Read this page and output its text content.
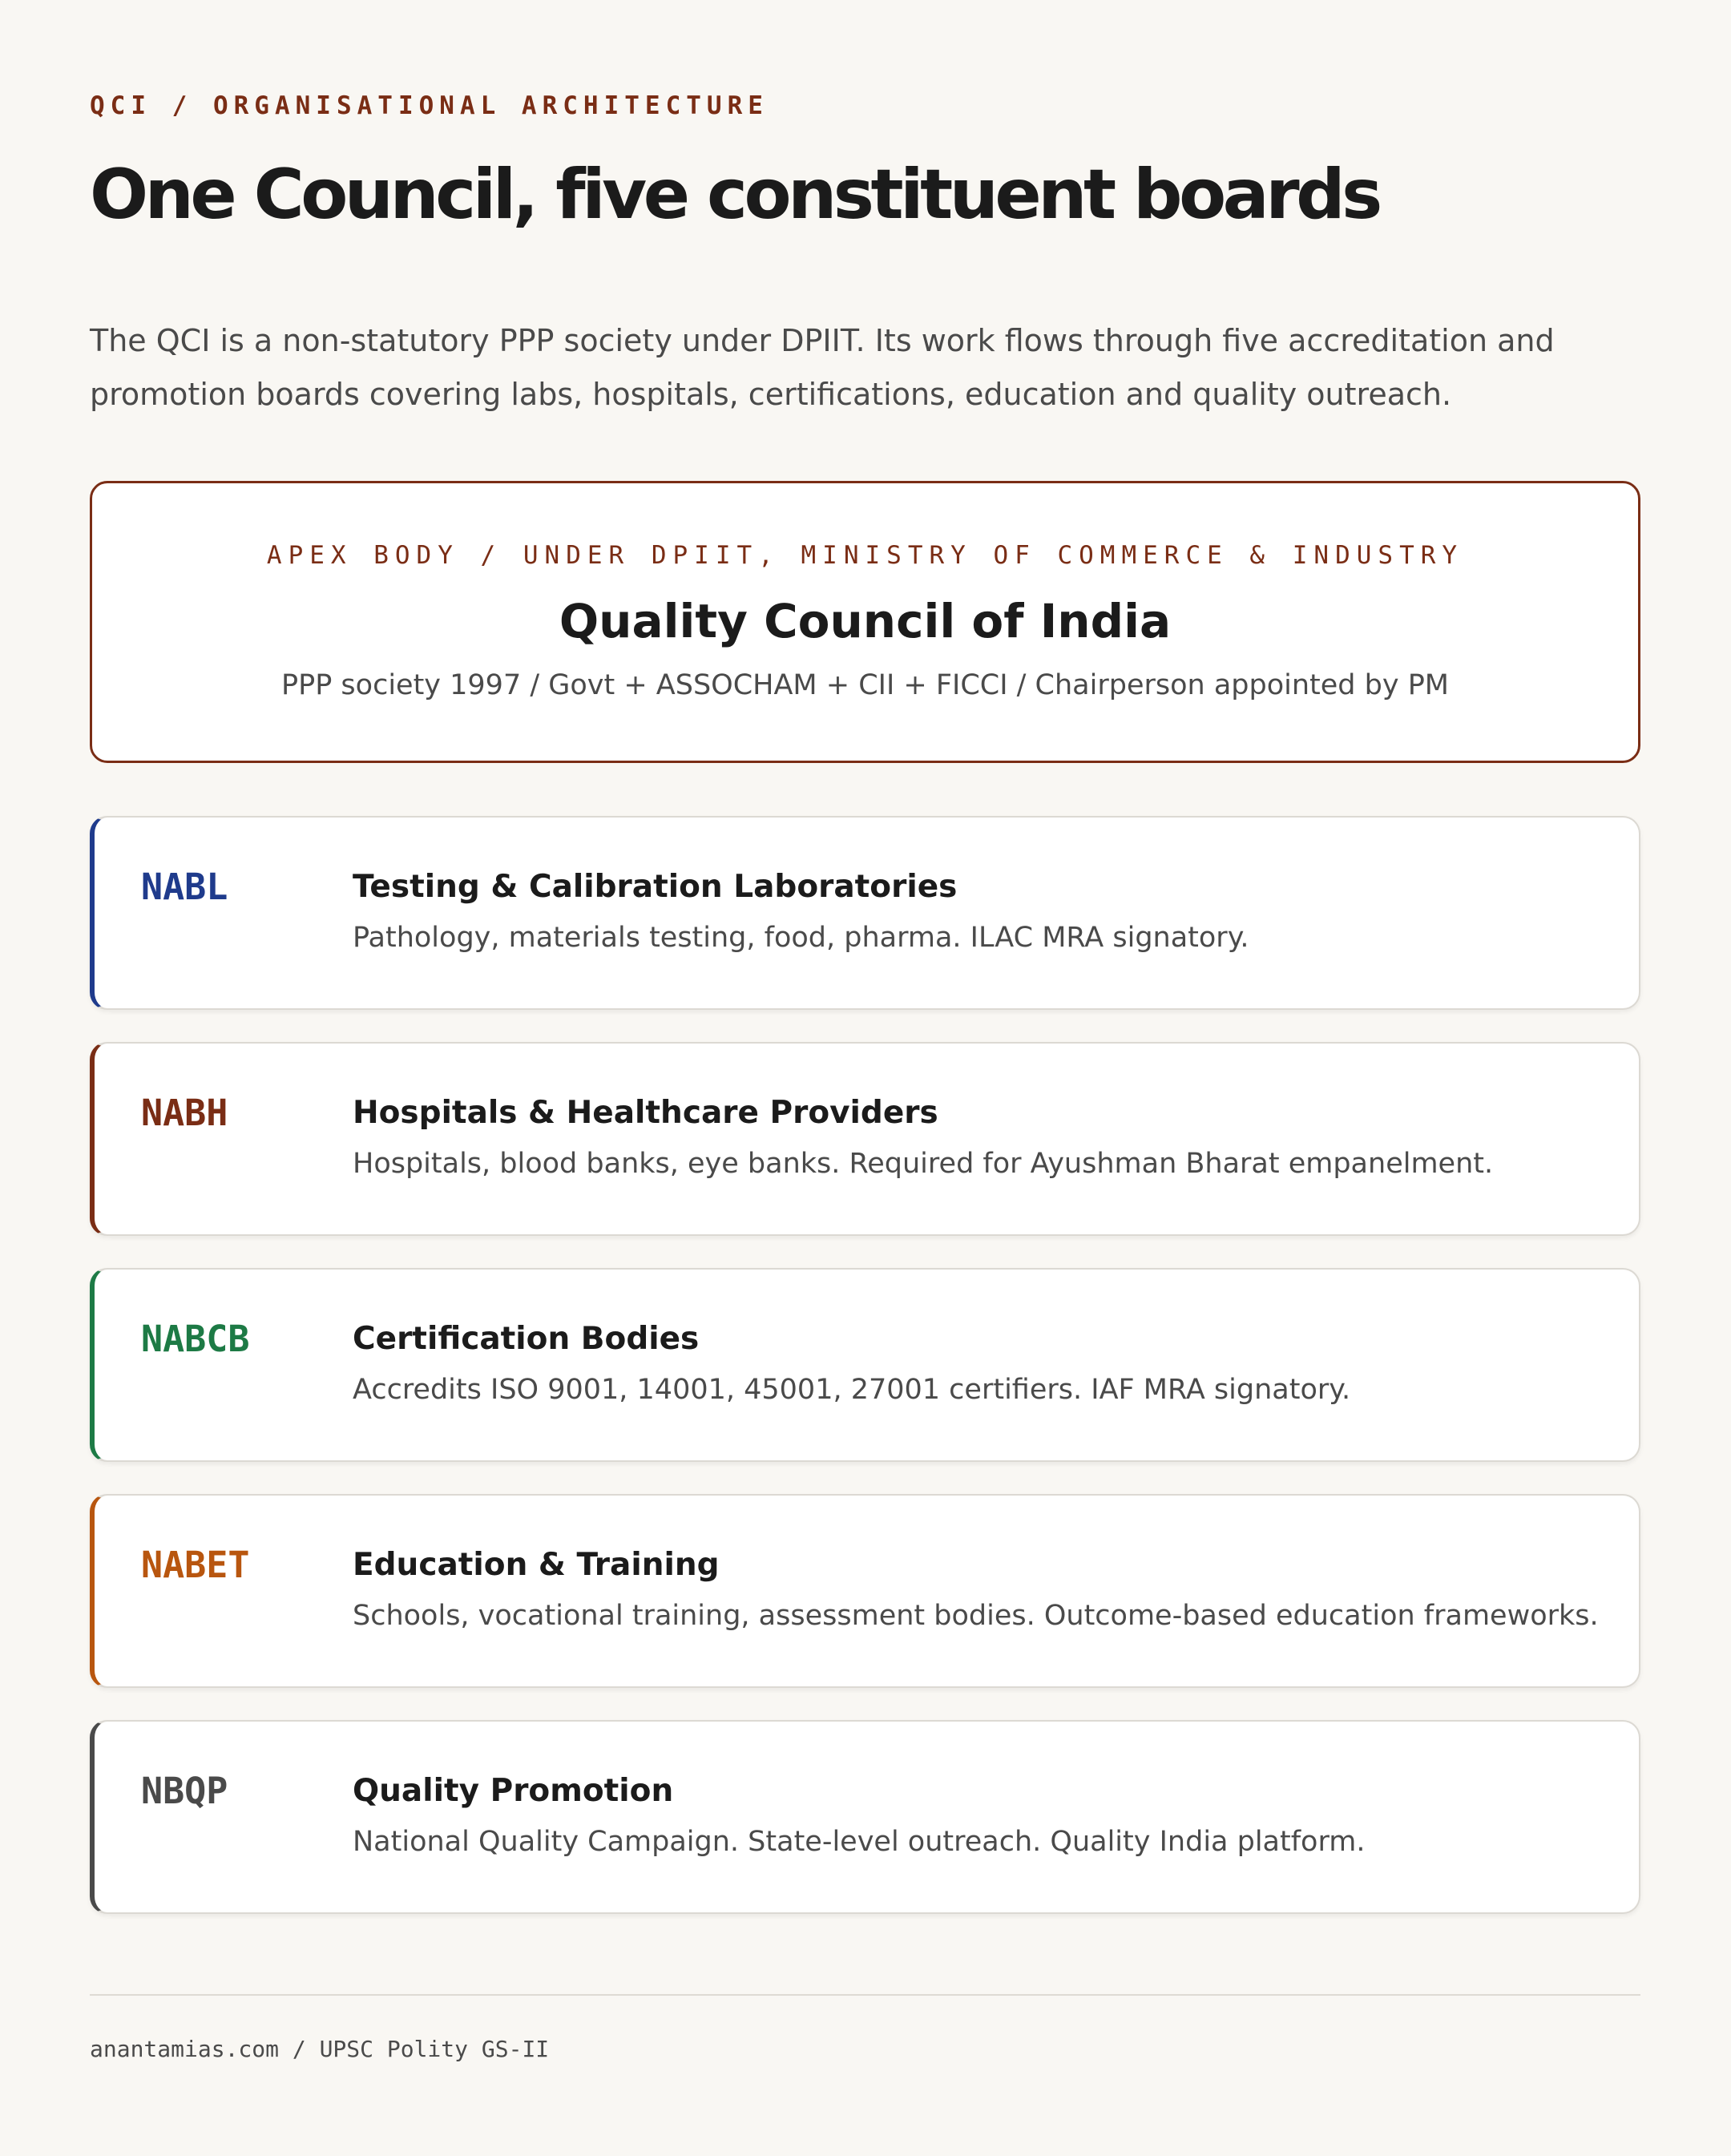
QCI / ORGANISATIONAL ARCHITECTURE
One Council, five constituent boards

The QCI is a non-statutory PPP society under DPIIT. Its work flows through five accreditation and promotion boards covering labs, hospitals, certifications, education and quality outreach.

APEX BODY / UNDER DPIIT, MINISTRY OF COMMERCE & INDUSTRY
Quality Council of India
PPP society 1997 / Govt + ASSOCHAM + CII + FICCI / Chairperson appointed by PM
NABL	Testing & Calibration Laboratories
Pathology, materials testing, food, pharma. ILAC MRA signatory.
NABH	Hospitals & Healthcare Providers
Hospitals, blood banks, eye banks. Required for Ayushman Bharat empanelment.
NABCB	Certification Bodies
Accredits ISO 9001, 14001, 45001, 27001 certifiers. IAF MRA signatory.
NABET	Education & Training
Schools, vocational training, assessment bodies. Outcome-based education frameworks.
NBQP	Quality Promotion
National Quality Campaign. State-level outreach. Quality India platform.
anantamias.com / UPSC Polity GS-II
